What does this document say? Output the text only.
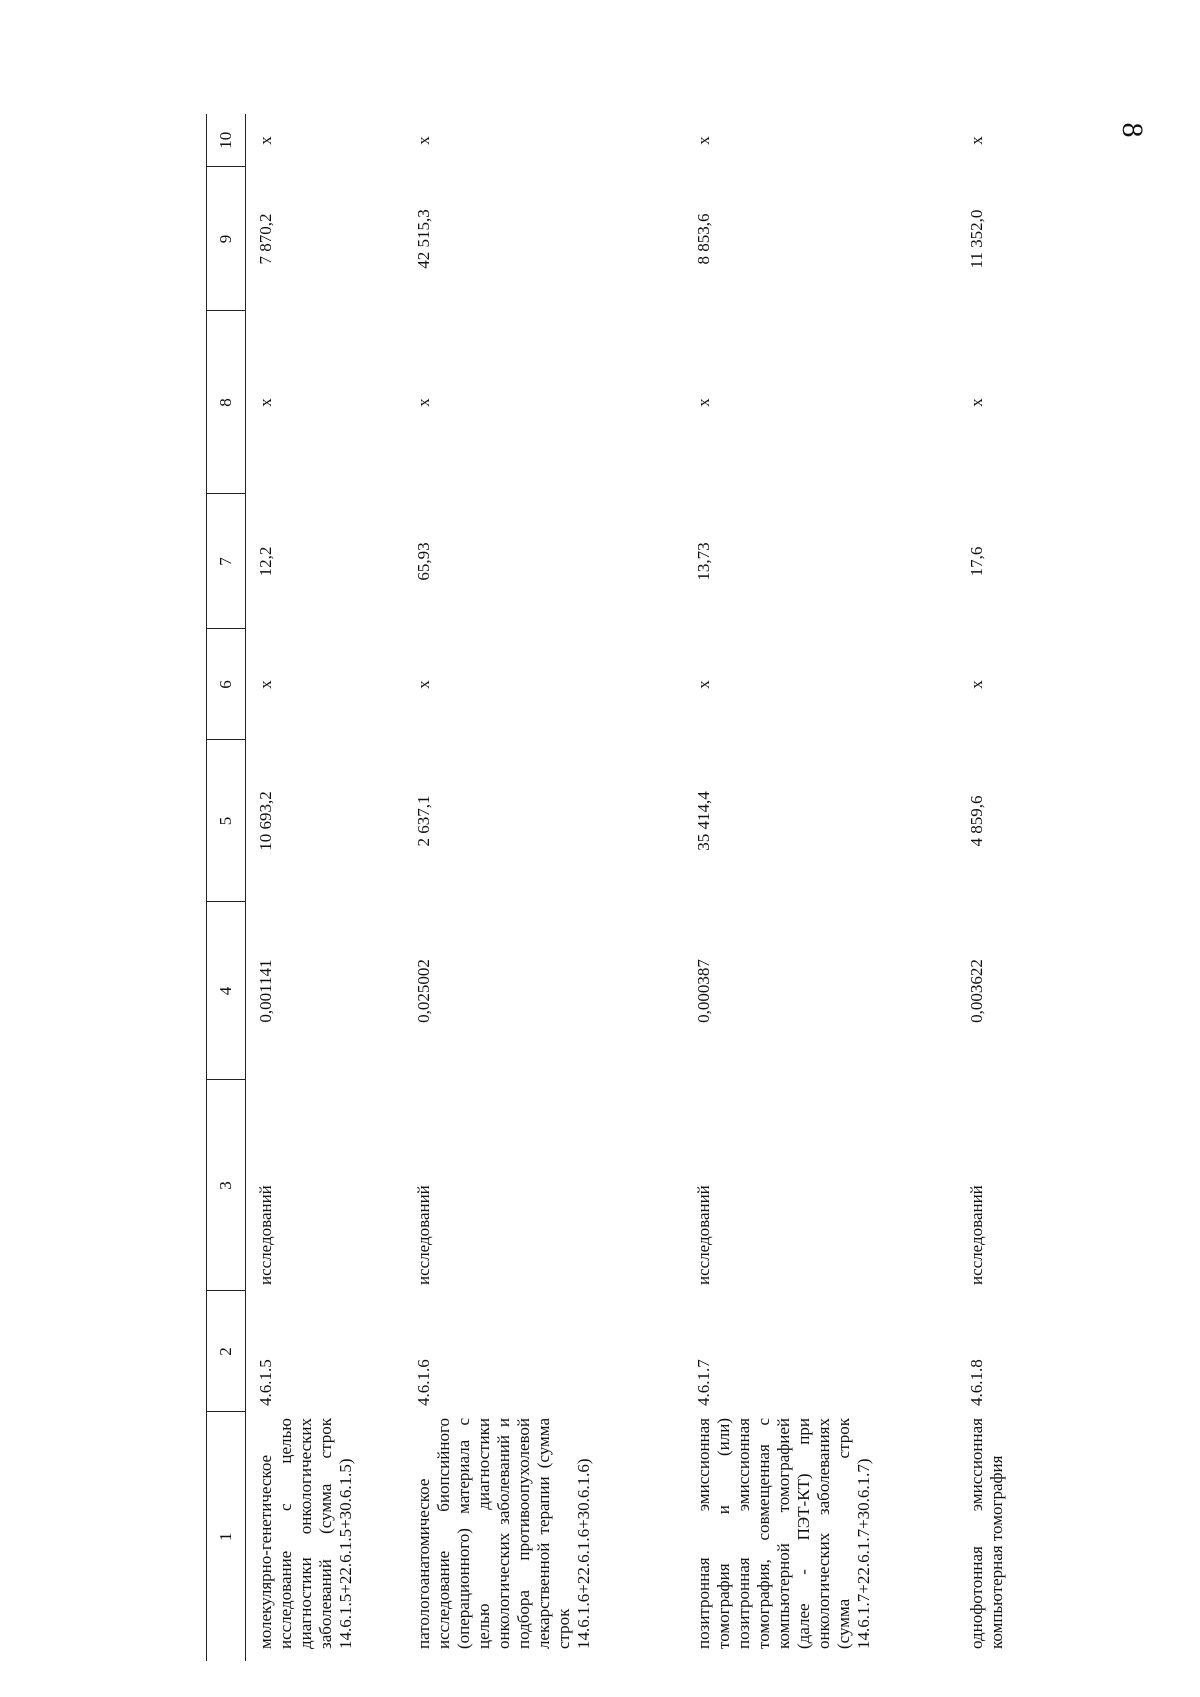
8
1	2	3	4	5	6	7	8	9	10

молекулярно-генетическое исследование с целью диагностики онкологических заболеваний (сумма строк 14.6.1.5+22.6.1.5+30.6.1.5)	4.6.1.5	исследований	0,001141	10 693,2	x	12,2	x	7 870,2	x

патологоанатомическое исследование биопсийного (операционного) материала с целью диагностики онкологических заболеваний и подбора противоопухолевой лекарственной терапии (сумма строк 14.6.1.6+22.6.1.6+30.6.1.6)	4.6.1.6	исследований	0,025002	2 637,1	x	65,93	x	42 515,3	x

позитронная эмиссионная томография и (или) позитронная эмиссионная томография, совмещенная с компьютерной томографией (далее - ПЭТ-КТ) при онкологических заболеваниях (сумма строк 14.6.1.7+22.6.1.7+30.6.1.7)	4.6.1.7	исследований	0,000387	35 414,4	x	13,73	x	8 853,6	x

однофотонная эмиссионная компьютерная томография	4.6.1.8	исследований	0,003622	4 859,6	x	17,6	x	11 352,0	x
